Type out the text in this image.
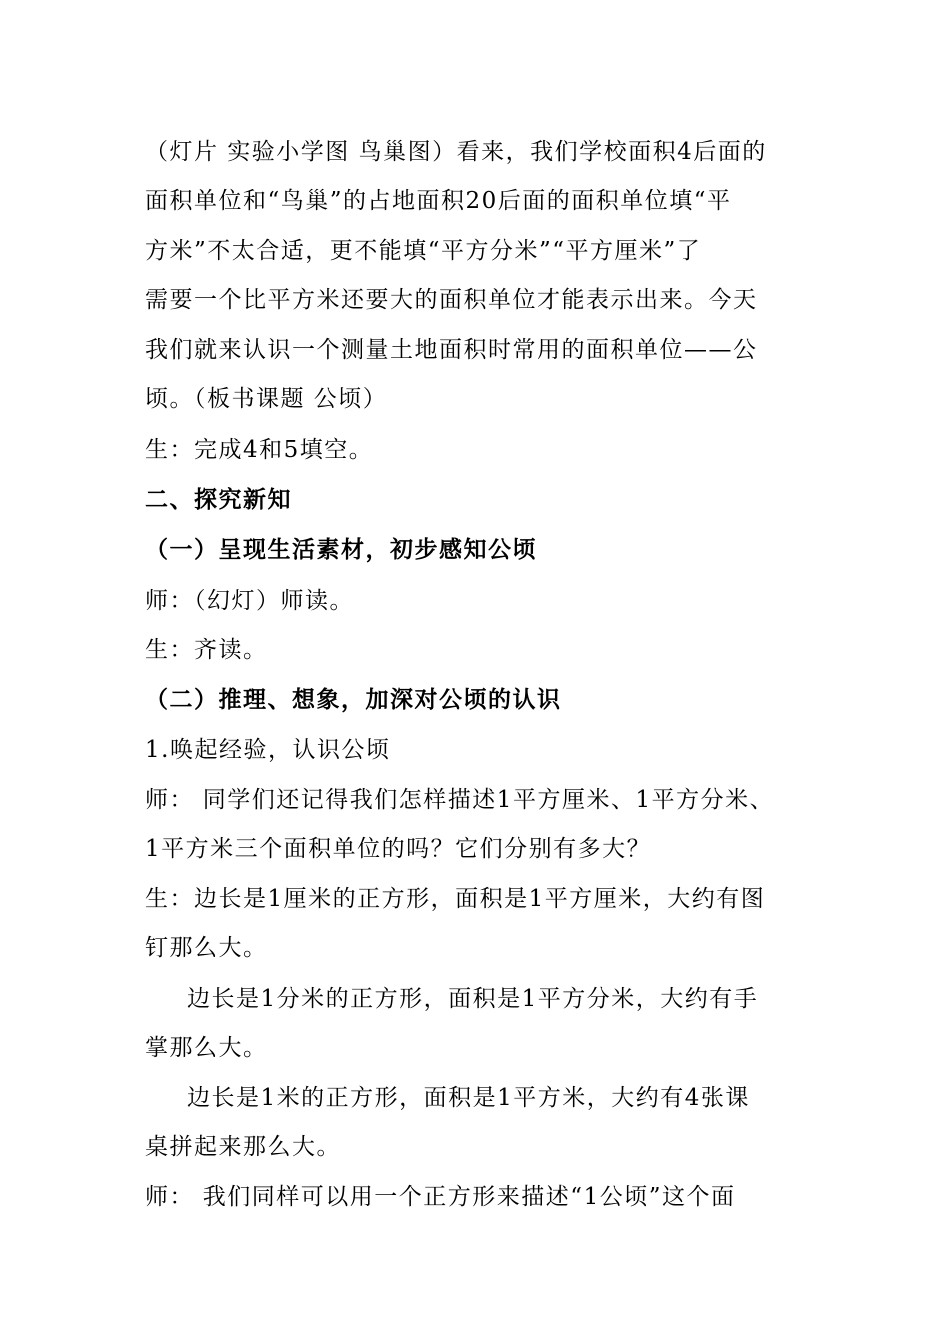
（灯片 实验小学图 鸟巢图）看来，我们学校面积4后面的
面积单位和“鸟巢”的占地面积20后面的面积单位填“平
方米”不太合适，更不能填“平方分米”“平方厘米”了
需要一个比平方米还要大的面积单位才能表示出来。今天
我们就来认识一个测量土地面积时常用的面积单位——公
顷。（板书课题 公顷）
生：完成4和5填空。
二、探究新知
（一）呈现生活素材，初步感知公顷
师：（幻灯）师读。
生：齐读。
（二）推理、想象，加深对公顷的认识
1.唤起经验，认识公顷
师： 同学们还记得我们怎样描述1平方厘米、1平方分米、
1平方米三个面积单位的吗？它们分别有多大？
生：边长是1厘米的正方形，面积是1平方厘米，大约有图
钉那么大。
边长是1分米的正方形，面积是1平方分米，大约有手
掌那么大。
边长是1米的正方形，面积是1平方米，大约有4张课
桌拼起来那么大。
师： 我们同样可以用一个正方形来描述“1公顷”这个面
